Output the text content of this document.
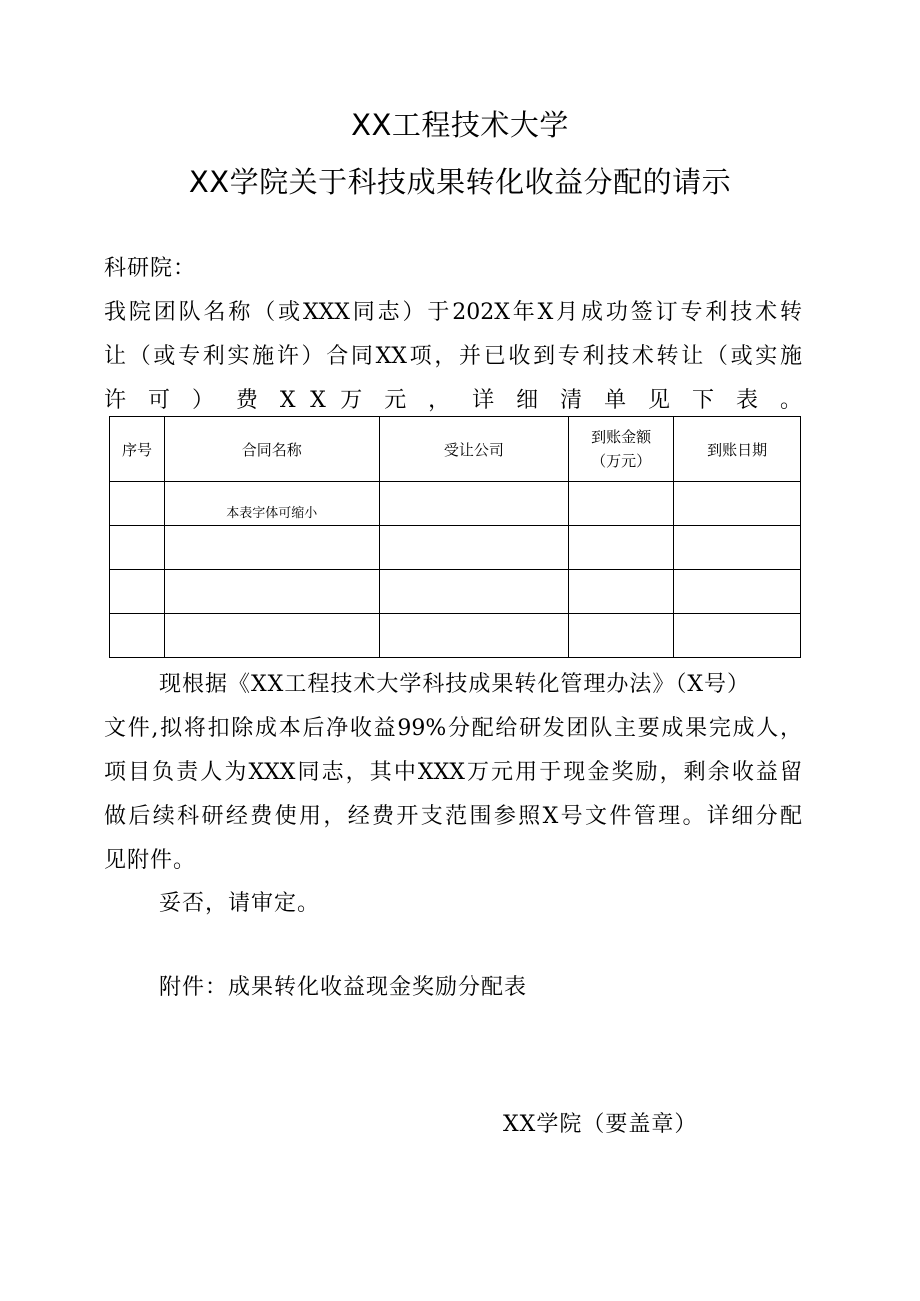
XX工程技术大学
XX学院关于科技成果转化收益分配的请示
科研院：
我院团队名称（或XXX同志）于202X年X月成功签订专利技术转
让（或专利实施许）合同XX项，并已收到专利技术转让（或实施
许 可 ） 费 X X 万 元 ， 详 细 清 单 见 下 表 。
序号	合同名称	受让公司	到账金额（万元）	到账日期

	本表字体可缩小			

现根据《XX工程技术大学科技成果转化管理办法》（X号）
文件,拟将扣除成本后净收益99%分配给研发团队主要成果完成人，
项目负责人为XXX同志，其中XXX万元用于现金奖励，剩余收益留
做后续科研经费使用，经费开支范围参照X号文件管理。详细分配
见附件。
妥否，请审定。
附件：成果转化收益现金奖励分配表
XX学院（要盖章）
